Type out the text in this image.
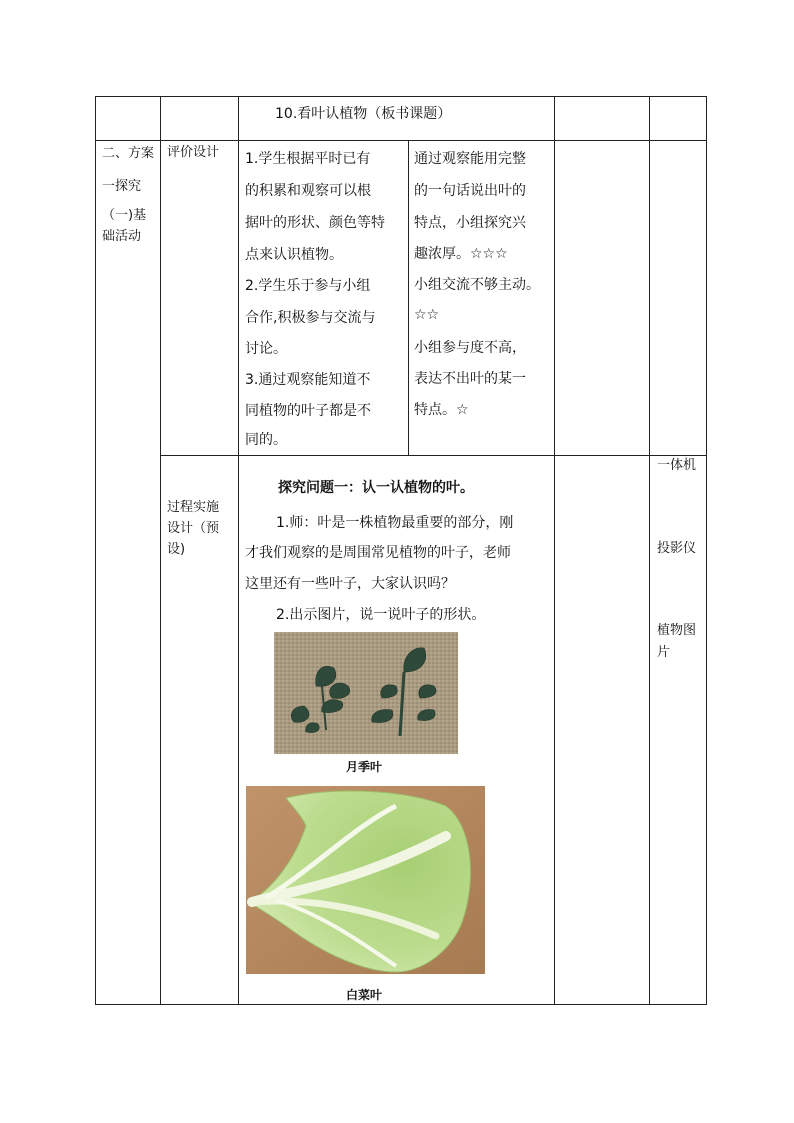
10.看叶认植物（板书课题）
二、方案
一探究
（一)基
础活动
评价设计 1.学生根据平时已有
的积累和观察可以根
据叶的形状、颜色等特
点来认识植物。
2.学生乐于参与小组
合作,积极参与交流与
讨论。
3.通过观察能知道不
同植物的叶子都是不
同的。
通过观察能用完整
的一句话说出叶的
特点，小组探究兴
趣浓厚。☆☆☆
小组交流不够主动。
☆☆
小组参与度不高，
表达不出叶的某一
特点。☆
过程实施
设计（预
设)
探究问题一：认一认植物的叶。
1.师：叶是一株植物最重要的部分，刚
才我们观察的是周围常见植物的叶子，老师
这里还有一些叶子，大家认识吗？
2.出示图片，说一说叶子的形状。
月季叶
白菜叶
一体机
投影仪
植物图
片
